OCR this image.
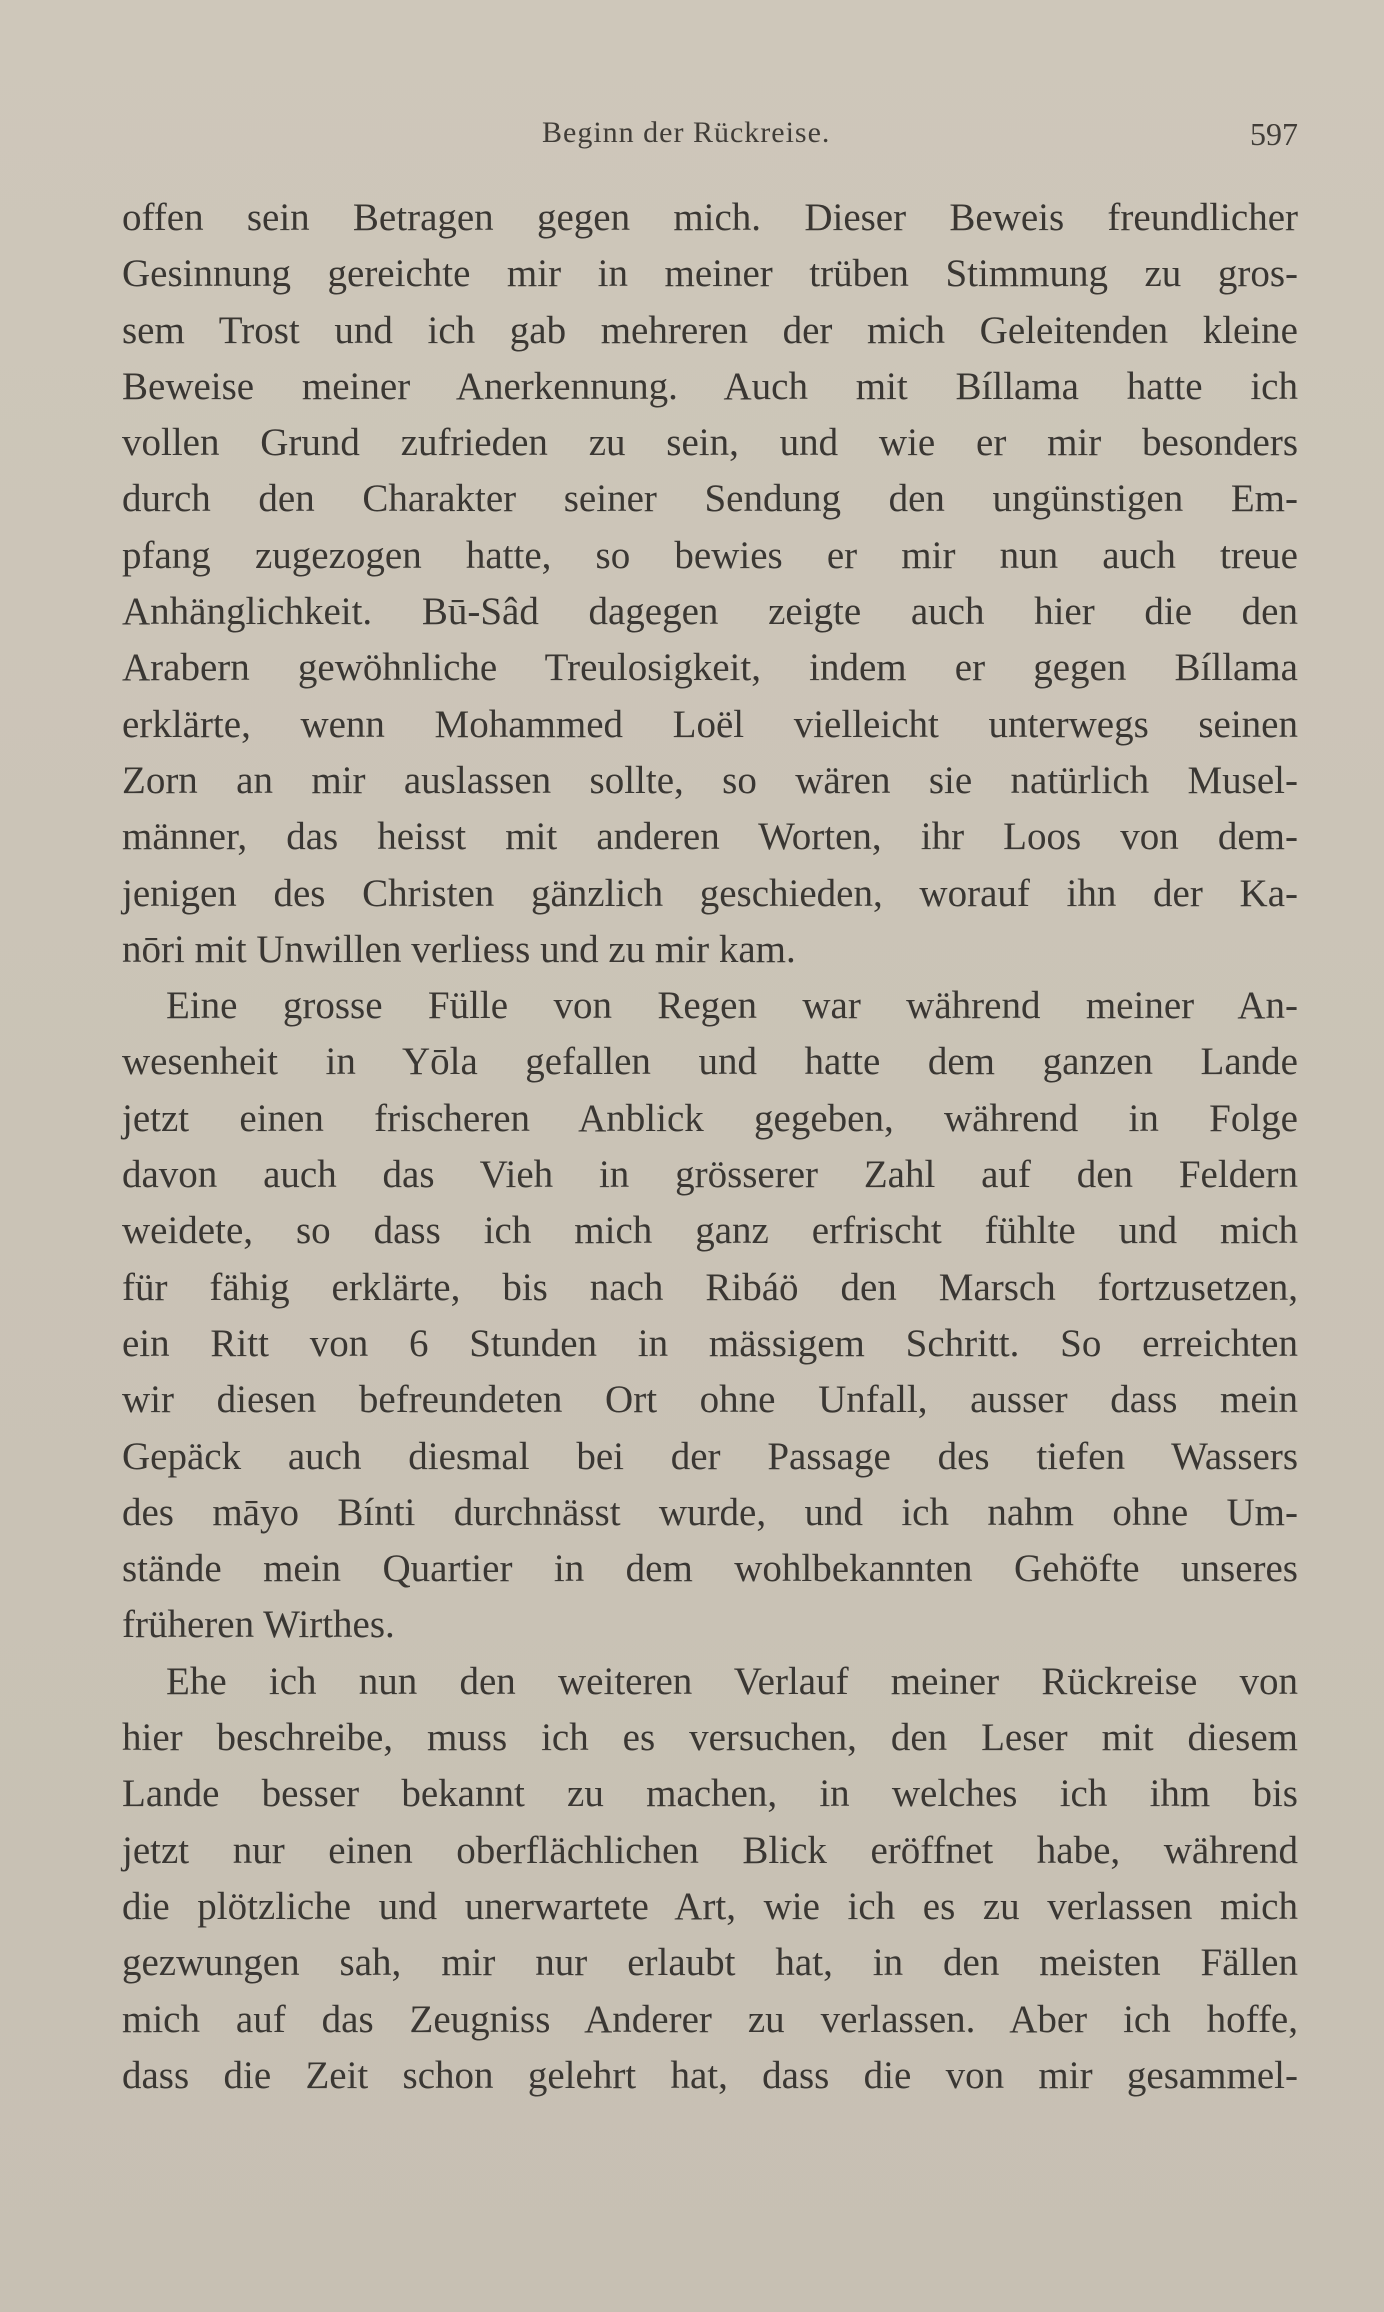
Beginn der Rückreise.	597
offen sein Betragen gegen mich. Dieser Beweis freundlicher
Gesinnung gereichte mir in meiner trüben Stimmung zu gros-
sem Trost und ich gab mehreren der mich Geleitenden kleine
Beweise meiner Anerkennung. Auch mit Bíllama hatte ich
vollen Grund zufrieden zu sein, und wie er mir besonders
durch den Charakter seiner Sendung den ungünstigen Em-
pfang zugezogen hatte, so bewies er mir nun auch treue
Anhänglichkeit. Bū-Sâd dagegen zeigte auch hier die den
Arabern gewöhnliche Treulosigkeit, indem er gegen Bíllama
erklärte, wenn Mohammed Loël vielleicht unterwegs seinen
Zorn an mir auslassen sollte, so wären sie natürlich Musel-
männer, das heisst mit anderen Worten, ihr Loos von dem-
jenigen des Christen gänzlich geschieden, worauf ihn der Ka-
nōri mit Unwillen verliess und zu mir kam.
Eine grosse Fülle von Regen war während meiner An-
wesenheit in Yōla gefallen und hatte dem ganzen Lande
jetzt einen frischeren Anblick gegeben, während in Folge
davon auch das Vieh in grösserer Zahl auf den Feldern
weidete, so dass ich mich ganz erfrischt fühlte und mich
für fähig erklärte, bis nach Ribáö den Marsch fortzusetzen,
ein Ritt von 6 Stunden in mässigem Schritt. So erreichten
wir diesen befreundeten Ort ohne Unfall, ausser dass mein
Gepäck auch diesmal bei der Passage des tiefen Wassers
des māyo Bínti durchnässt wurde, und ich nahm ohne Um-
stände mein Quartier in dem wohlbekannten Gehöfte unseres
früheren Wirthes.
Ehe ich nun den weiteren Verlauf meiner Rückreise von
hier beschreibe, muss ich es versuchen, den Leser mit diesem
Lande besser bekannt zu machen, in welches ich ihm bis
jetzt nur einen oberflächlichen Blick eröffnet habe, während
die plötzliche und unerwartete Art, wie ich es zu verlassen mich
gezwungen sah, mir nur erlaubt hat, in den meisten Fällen
mich auf das Zeugniss Anderer zu verlassen. Aber ich hoffe,
dass die Zeit schon gelehrt hat, dass die von mir gesammel-
